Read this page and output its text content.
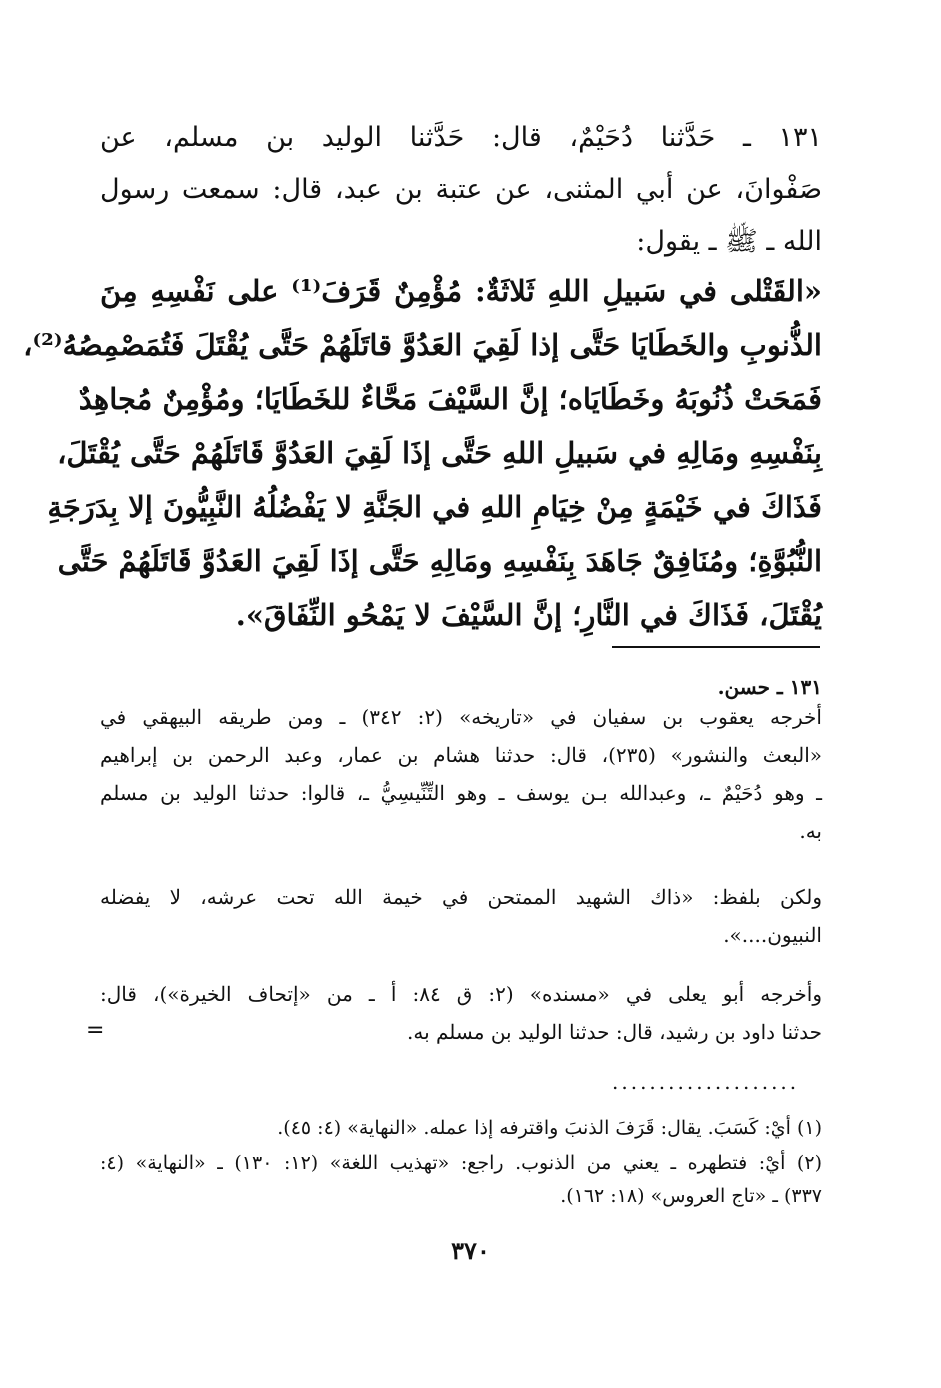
١٣١ ـ حَدَّثنا دُحَيْمٌ، قال: حَدَّثنا الوليد بن مسلم، عن
صَفْوانَ، عن أبي المثنى، عن عتبة بن عبد، قال: سمعت رسول
الله ـ ﷺ ـ يقول:
«القَتْلى في سَبيلِ اللهِ ثَلاثَةٌ: مُؤْمِنٌ قَرَفَ⁽¹⁾ على نَفْسِهِ مِنَ
الذُّنوبِ والخَطَايَا حَتَّى إذا لَقِيَ العَدُوَّ قاتَلَهُمْ حَتَّى يُقْتَلَ فَتُمَصْمِصُهُ⁽²⁾،
فَمَحَتْ ذُنُوبَهُ وخَطَايَاه؛ إنَّ السَّيْفَ مَحَّاءٌ للخَطَايَا؛ ومُؤْمِنٌ مُجاهِدٌ
بِنَفْسِهِ ومَالِهِ في سَبيلِ اللهِ حَتَّى إذَا لَقِيَ العَدُوَّ قَاتَلَهُمْ حَتَّى يُقْتَلَ،
فَذَاكَ في خَيْمَةٍ مِنْ خِيَامِ اللهِ في الجَنَّةِ لا يَفْضُلُهُ النَّبِيُّونَ إلا بِدَرَجَةِ
النُّبُوَّةِ؛ ومُنَافِقٌ جَاهَدَ بِنَفْسِهِ ومَالِهِ حَتَّى إذَا لَقِيَ العَدُوَّ قَاتَلَهُمْ حَتَّى
يُقْتَلَ، فَذَاكَ في النَّارِ؛ إنَّ السَّيْفَ لا يَمْحُو النِّفَاقَ».
١٣١ ـ حسن.
أخرجه يعقوب بن سفيان في «تاريخه» (٢: ٣٤٢) ـ ومن طريقه البيهقي في
«البعث والنشور» (٢٣٥)، قال: حدثنا هشام بن عمار، وعبد الرحمن بن إبراهيم
ـ وهو دُحَيْمٌ ـ، وعبدالله بـن يوسف ـ وهو التِّنِّيسِيُّ ـ، قالوا: حدثنا الوليد بن مسلم
به.
ولكن بلفظ: «ذاك الشهيد الممتحن في خيمة الله تحت عرشه، لا يفضله
النبيون....».
وأخرجه أبو يعلى في «مسنده» (٢: ق ٨٤: أ ـ من «إتحاف الخيرة»)، قال:
حدثنا داود بن رشيد، قال: حدثنا الوليد بن مسلم به.
=
....................
(١) أيْ: كَسَبَ. يقال: قَرَفَ الذنبَ واقترفه إذا عمله. «النهاية» (٤: ٤٥).
(٢) أيْ: فتطهره ـ يعني من الذنوب. راجع: «تهذيب اللغة» (١٢: ١٣٠) ـ «النهاية» (٤:
٣٣٧) ـ «تاج العروس» (١٨: ١٦٢).
٣٧٠
